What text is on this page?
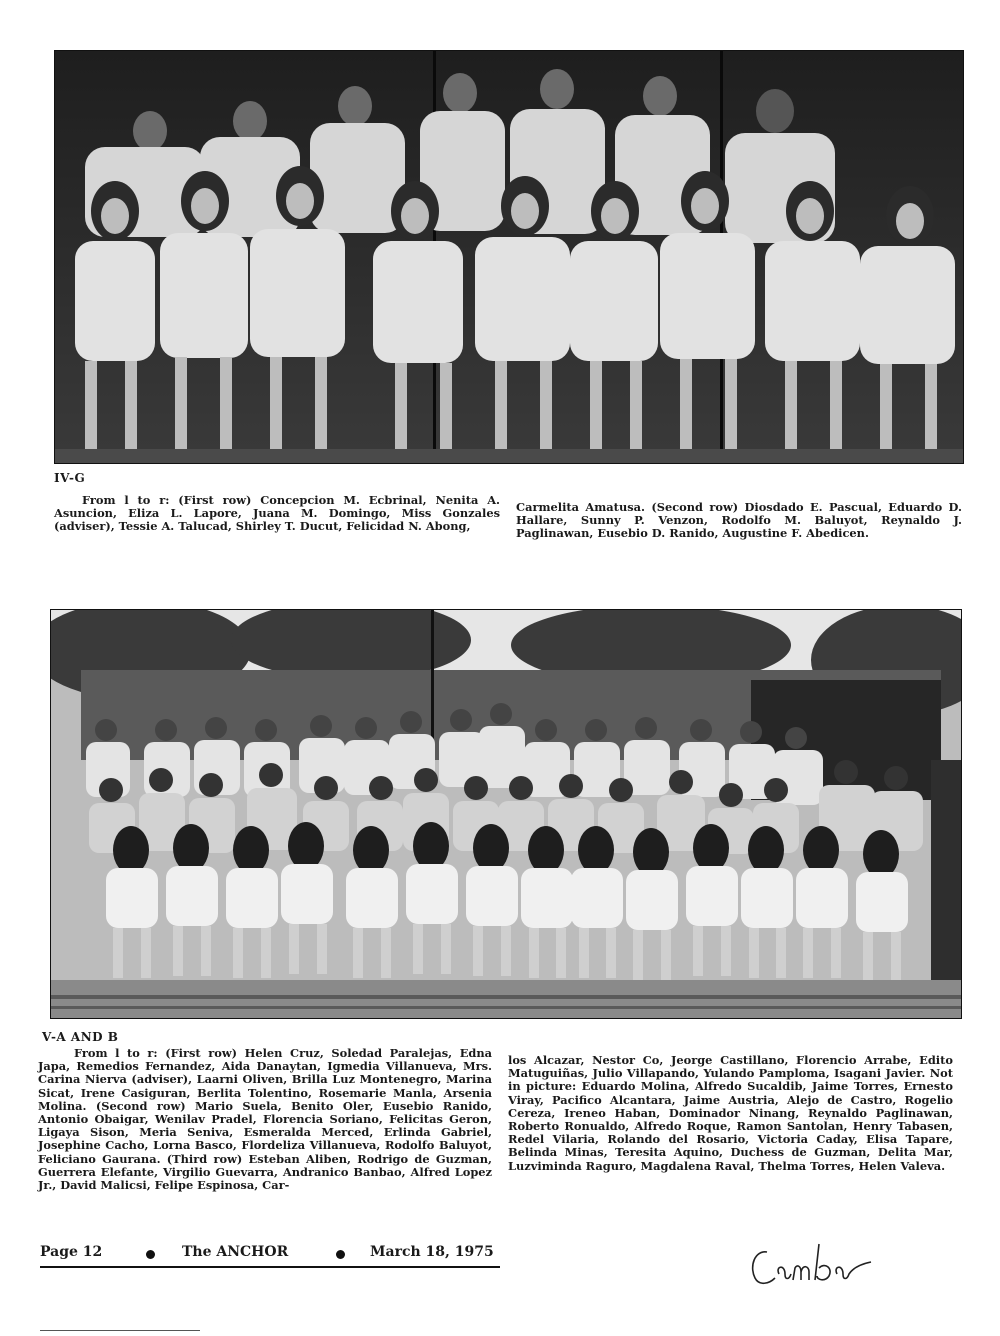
IV-G

From l to r: (First row) Concepcion M. Ecbrinal, Nenita A. Asuncion, Eliza L. Lapore, Juana M. Domingo, Miss Gonzales (adviser), Tessie A. Talucad, Shirley T. Ducut, Felicidad N. Abong,

Carmelita Amatusa. (Second row) Diosdado E. Pascual, Eduardo D. Hallare, Sunny P. Venzon, Rodolfo M. Baluyot, Reynaldo J. Paglinawan, Eusebio D. Ranido, Augustine F. Abedicen.

V-A AND B

From l to r: (First row) Helen Cruz, Soledad Paralejas, Edna Japa, Remedios Fernandez, Aida Danaytan, Igmedia Villanueva, Mrs. Carina Nierva (adviser), Laarni Oliven, Brilla Luz Montenegro, Marina Sicat, Irene Casiguran, Berlita Tolentino, Rosemarie Manla, Arsenia Molina. (Second row) Mario Suela, Benito Oler, Eusebio Ranido, Antonio Obaigar, Wenilav Pradel, Florencia Soriano, Felicitas Geron, Ligaya Sison, Meria Seniva, Esmeralda Merced, Erlinda Gabriel, Josephine Cacho, Lorna Basco, Flordeliza Villanueva, Rodolfo Baluyot, Feliciano Gaurana. (Third row) Esteban Aliben, Rodrigo de Guzman, Guerrera Elefante, Virgilio Guevarra, Andranico Banbao, Alfred Lopez Jr., David Malicsi, Felipe Espinosa, Car-

los Alcazar, Nestor Co, Jeorge Castillano, Florencio Arrabe, Edito Matuguiñas, Julio Villapando, Yulando Pamploma, Isagani Javier. Not in picture: Eduardo Molina, Alfredo Sucaldib, Jaime Torres, Ernesto Viray, Pacifico Alcantara, Jaime Austria, Alejo de Castro, Rogelio Cereza, Ireneo Haban, Dominador Ninang, Reynaldo Paglinawan, Roberto Ronualdo, Alfredo Roque, Ramon Santolan, Henry Tabasen, Redel Vilaria, Rolando del Rosario, Victoria Caday, Elisa Tapare, Belinda Minas, Teresita Aquino, Duchess de Guzman, Delita Mar, Luzviminda Raguro, Magdalena Raval, Thelma Torres, Helen Valeva.

Page 12	The ANCHOR	March 18, 1975
